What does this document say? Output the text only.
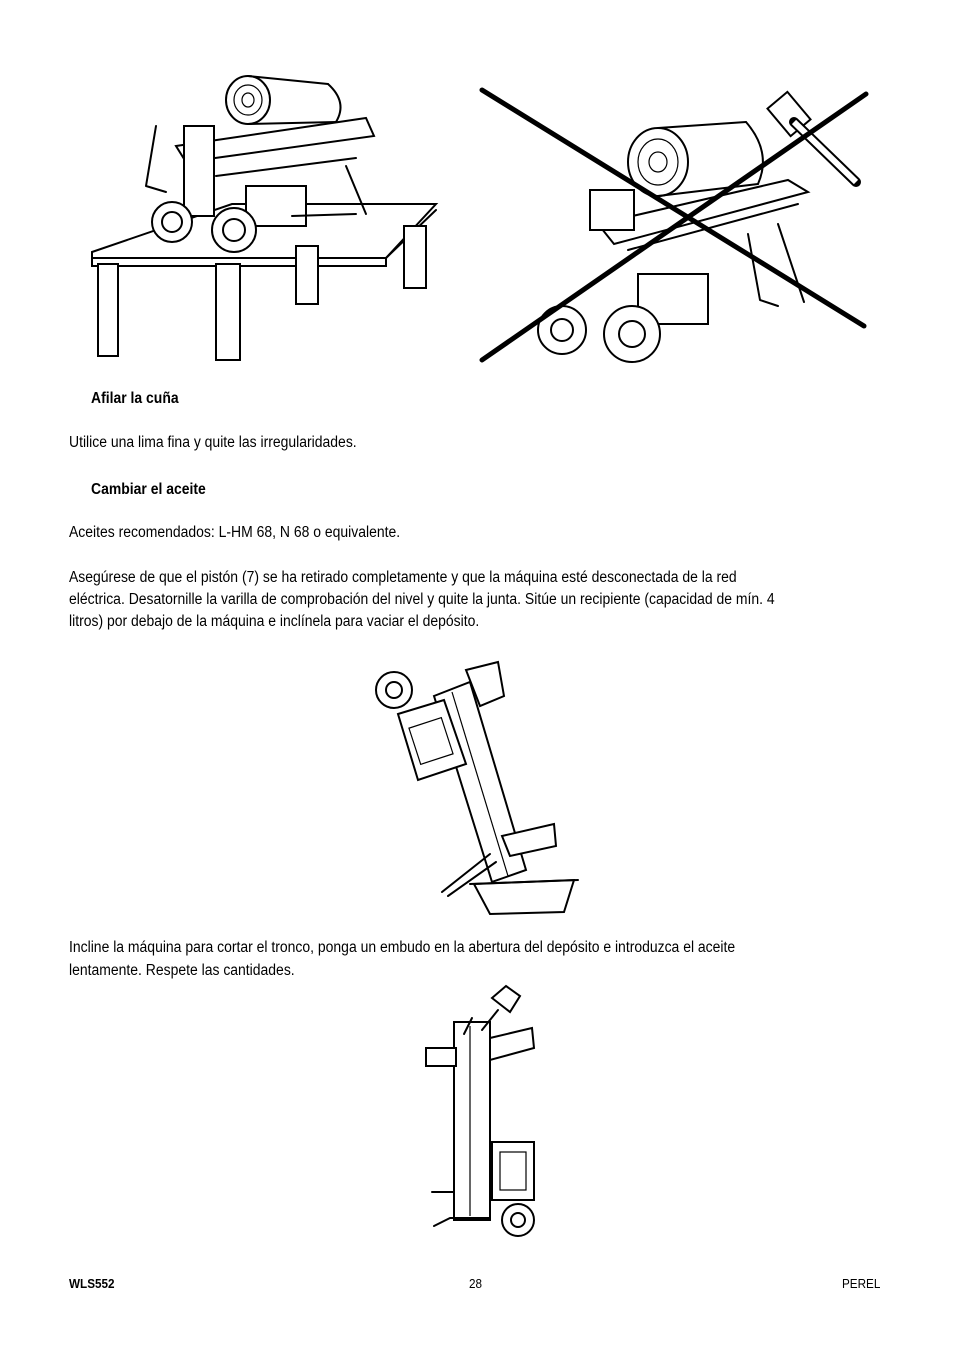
Afilar la cuña
Utilice una lima fina y quite las irregularidades.
Cambiar el aceite
Aceites recomendados: L-HM 68, N 68 o equivalente.
Asegúrese de que el pistón (7) se ha retirado completamente y que la máquina esté desconectada de la red
eléctrica. Desatornille la varilla de comprobación del nivel y quite la junta. Sitúe un recipiente (capacidad de mín. 4
litros) por debajo de la máquina e inclínela para vaciar el depósito.
Incline la máquina para cortar el tronco, ponga un embudo en la abertura del depósito e introduzca el aceite
lentamente. Respete las cantidades.
WLS552	28	PEREL
